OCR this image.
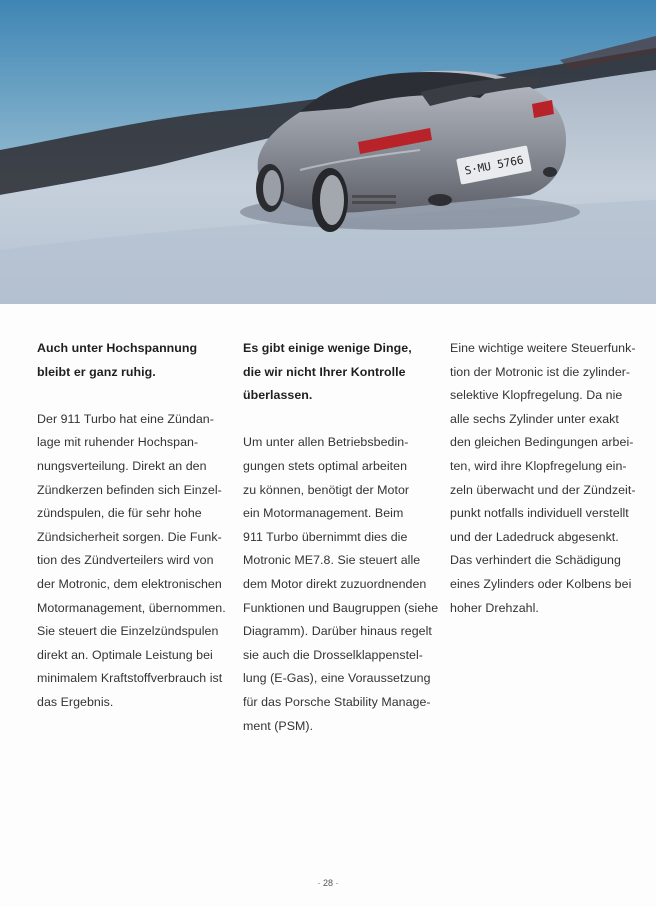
S·MU 5766
Auch unter Hochspannung
bleibt er ganz ruhig.
Der 911 Turbo hat eine Zündan-
lage mit ruhender Hochspan-
nungsverteilung. Direkt an den
Zündkerzen befinden sich Einzel-
zündspulen, die für sehr hohe
Zündsicherheit sorgen. Die Funk-
tion des Zündverteilers wird von
der Motronic, dem elektronischen
Motormanagement, übernommen.
Sie steuert die Einzelzündspulen
direkt an. Optimale Leistung bei
minimalem Kraftstoffverbrauch ist
das Ergebnis.
Es gibt einige wenige Dinge,
die wir nicht Ihrer Kontrolle
überlassen.
Um unter allen Betriebsbedin-
gungen stets optimal arbeiten
zu können, benötigt der Motor
ein Motormanagement. Beim
911 Turbo übernimmt dies die
Motronic ME7.8. Sie steuert alle
dem Motor direkt zuzuordnenden
Funktionen und Baugruppen (siehe
Diagramm). Darüber hinaus regelt
sie auch die Drosselklappenstel-
lung (E-Gas), eine Voraussetzung
für das Porsche Stability Manage-
ment (PSM).
Eine wichtige weitere Steuerfunk-
tion der Motronic ist die zylinder-
selektive Klopfregelung. Da nie
alle sechs Zylinder unter exakt
den gleichen Bedingungen arbei-
ten, wird ihre Klopfregelung ein-
zeln überwacht und der Zündzeit-
punkt notfalls individuell verstellt
und der Ladedruck abgesenkt.
Das verhindert die Schädigung
eines Zylinders oder Kolbens bei
hoher Drehzahl.
· 28 ·
